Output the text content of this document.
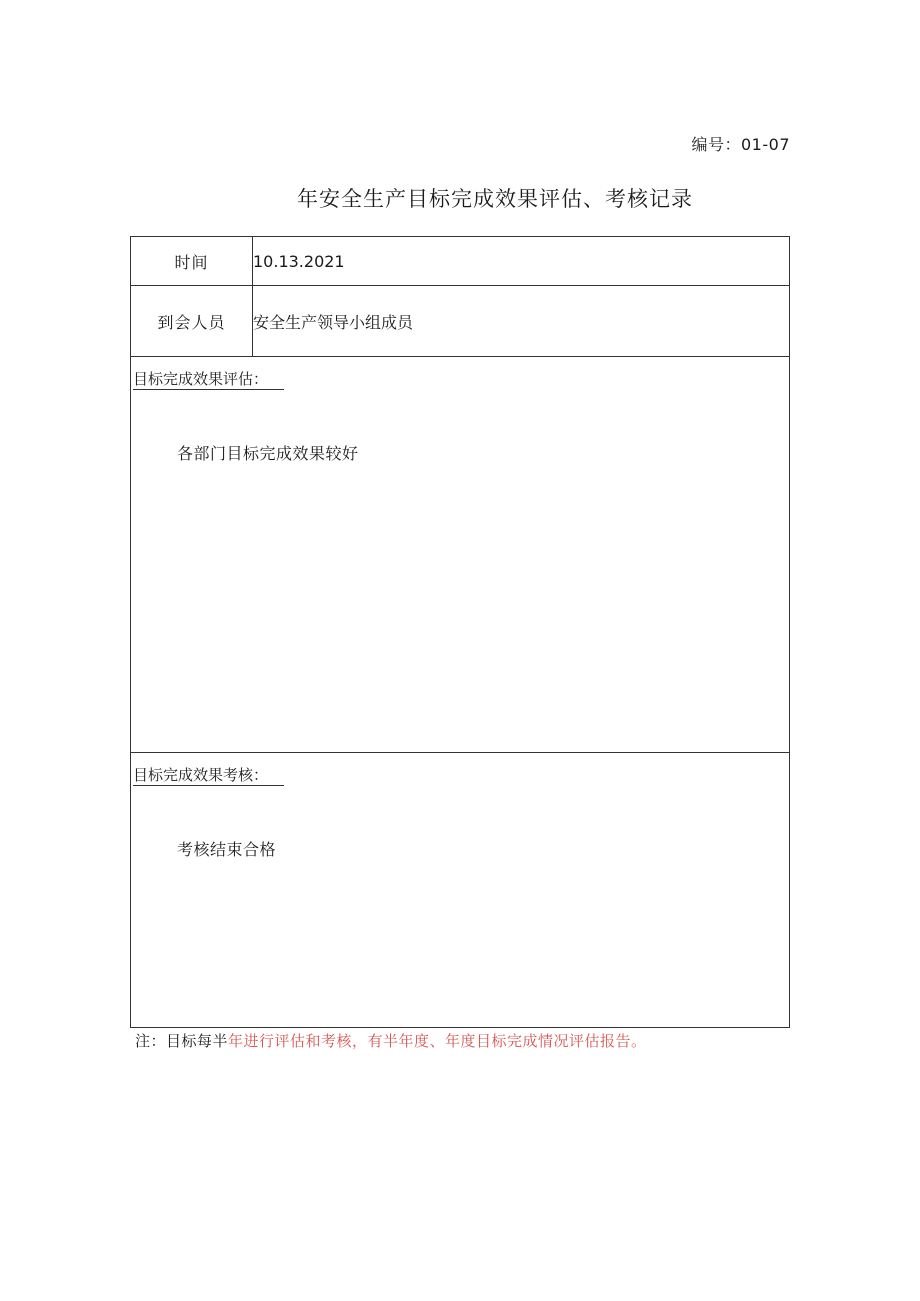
编号：01-07
年安全生产目标完成效果评估、考核记录
时间	10.13.2021
到会人员	安全生产领导小组成员
目标完成效果评估：
各部门目标完成效果较好
目标完成效果考核：
考核结束合格
注：目标每半年进行评估和考核，有半年度、年度目标完成情况评估报告。
